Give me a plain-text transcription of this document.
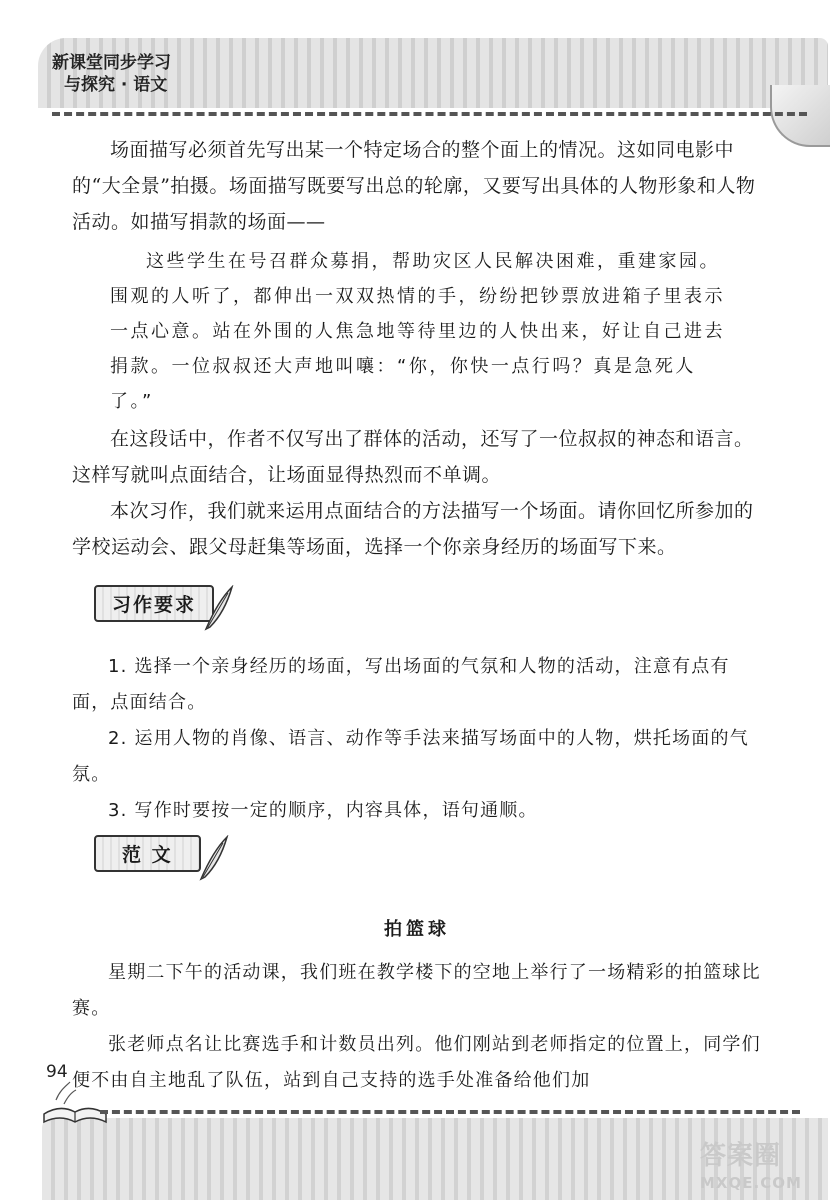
新课堂同步学习
与探究 · 语文

场面描写必须首先写出某一个特定场合的整个面上的情况。这如同电影中的“大全景”拍摄。场面描写既要写出总的轮廓，又要写出具体的人物形象和人物活动。如描写捐款的场面——

这些学生在号召群众募捐，帮助灾区人民解决困难，重建家园。围观的人听了，都伸出一双双热情的手，纷纷把钞票放进箱子里表示一点心意。站在外围的人焦急地等待里边的人快出来，好让自己进去捐款。一位叔叔还大声地叫嚷：“你，你快一点行吗？真是急死人了。”

在这段话中，作者不仅写出了群体的活动，还写了一位叔叔的神态和语言。这样写就叫点面结合，让场面显得热烈而不单调。

本次习作，我们就来运用点面结合的方法描写一个场面。请你回忆所参加的学校运动会、跟父母赶集等场面，选择一个你亲身经历的场面写下来。

习作要求

1. 选择一个亲身经历的场面，写出场面的气氛和人物的活动，注意有点有面，点面结合。

2. 运用人物的肖像、语言、动作等手法来描写场面中的人物，烘托场面的气氛。

3. 写作时要按一定的顺序，内容具体，语句通顺。

范 文
拍篮球

星期二下午的活动课，我们班在教学楼下的空地上举行了一场精彩的拍篮球比赛。

张老师点名让比赛选手和计数员出列。他们刚站到老师指定的位置上，同学们便不由自主地乱了队伍，站到自己支持的选手处准备给他们加

94
答案圈
MXQE.COM
